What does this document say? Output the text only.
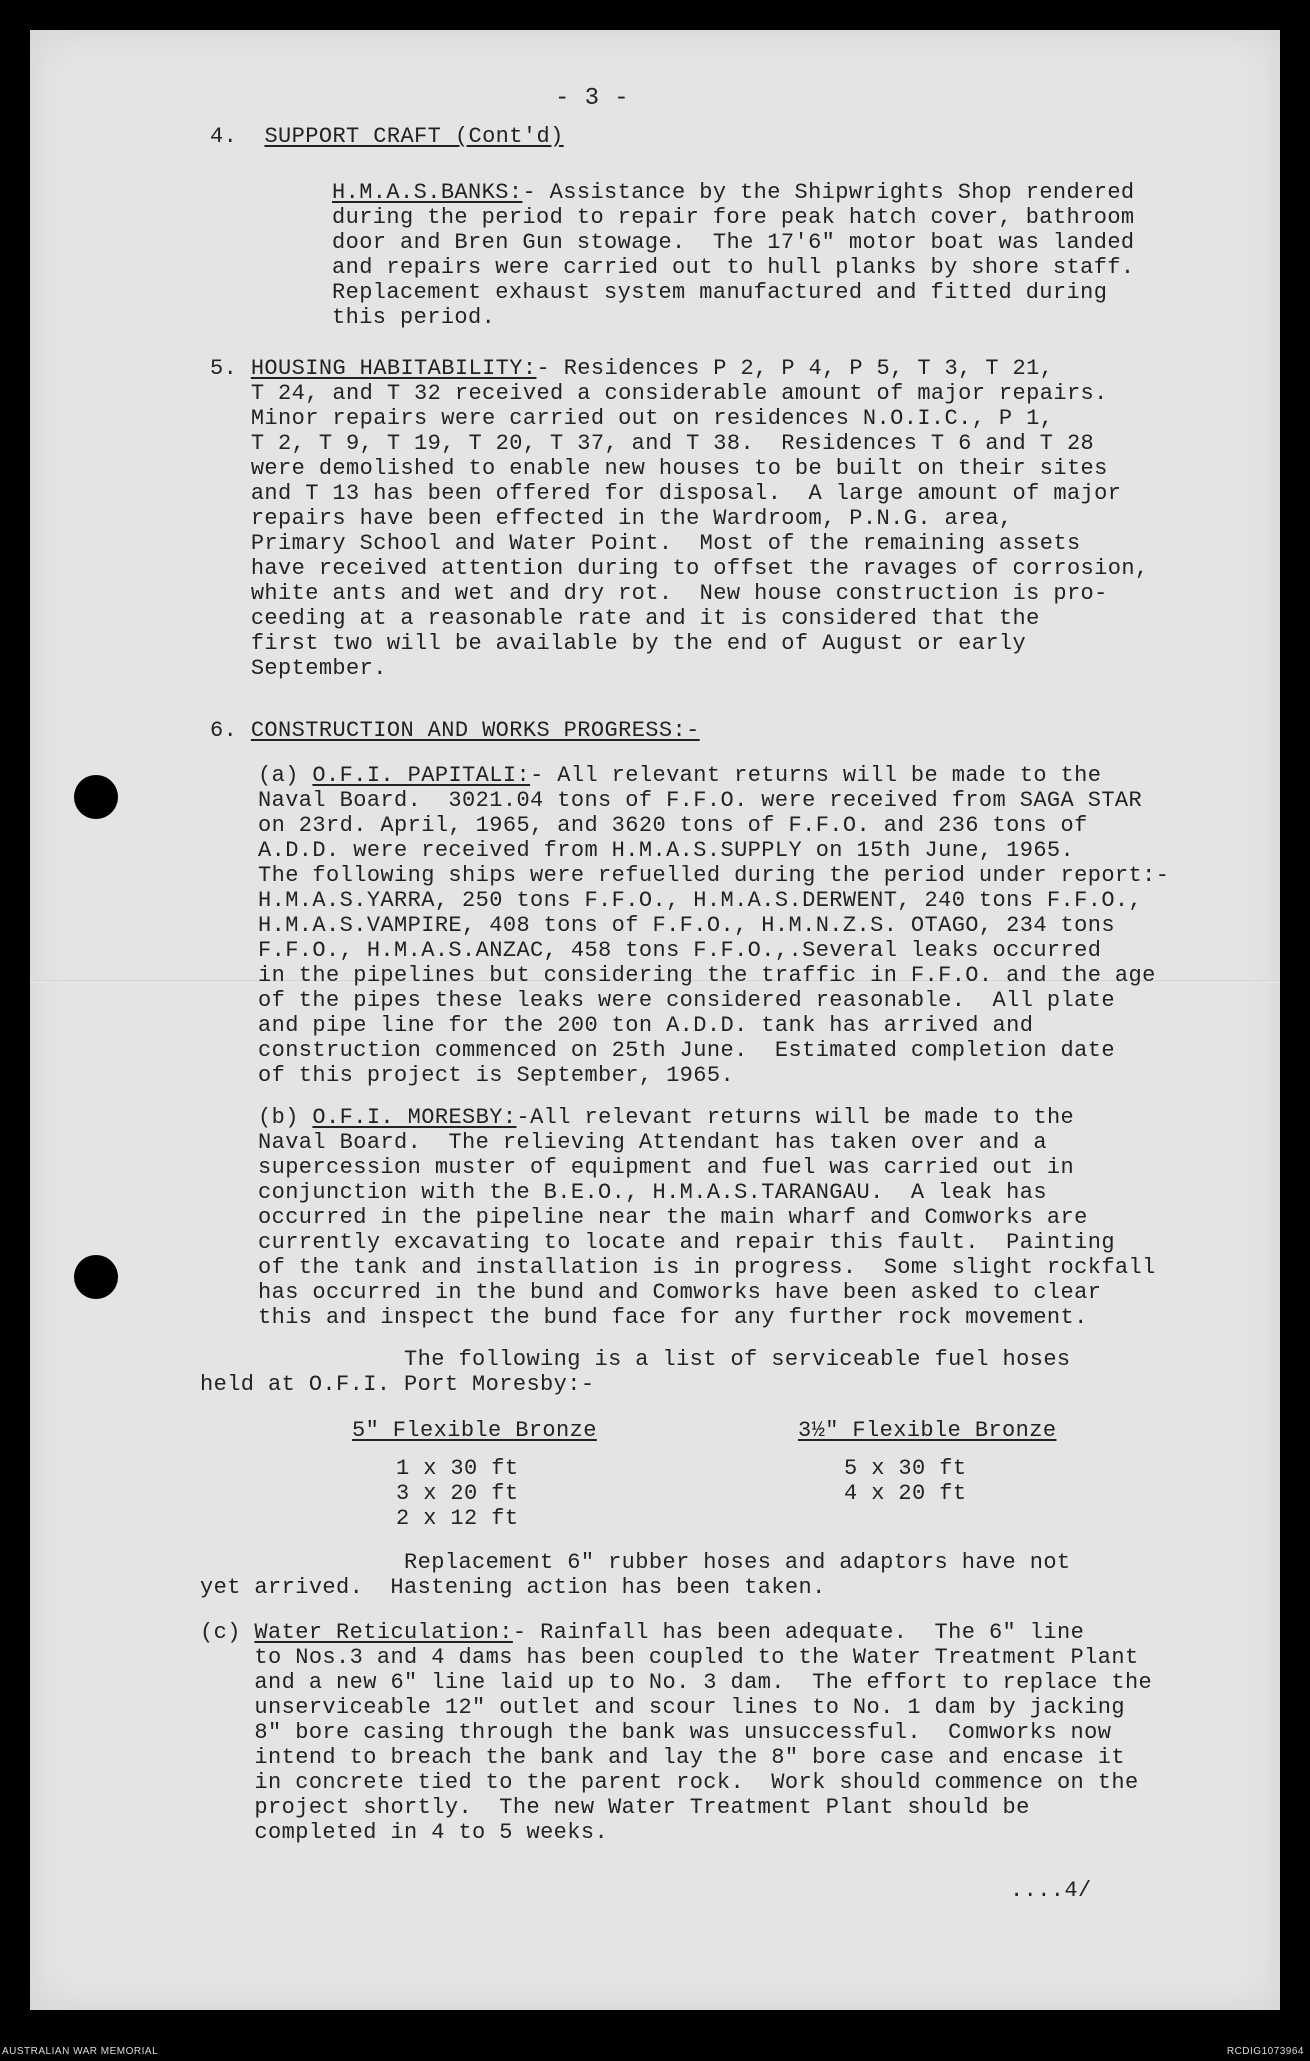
- 3 -
4. SUPPORT CRAFT (Cont'd)
H.M.A.S.BANKS:- Assistance by the Shipwrights Shop rendered
during the period to repair fore peak hatch cover, bathroom
door and Bren Gun stowage.  The 17'6" motor boat was landed
and repairs were carried out to hull planks by shore staff.
Replacement exhaust system manufactured and fitted during
this period.
5. HOUSING HABITABILITY:- Residences P 2, P 4, P 5, T 3, T 21,
T 24, and T 32 received a considerable amount of major repairs.
Minor repairs were carried out on residences N.O.I.C., P 1,
T 2, T 9, T 19, T 20, T 37, and T 38.  Residences T 6 and T 28
were demolished to enable new houses to be built on their sites
and T 13 has been offered for disposal.  A large amount of major
repairs have been effected in the Wardroom, P.N.G. area,
Primary School and Water Point.  Most of the remaining assets
have received attention during to offset the ravages of corrosion,
white ants and wet and dry rot.  New house construction is pro-
ceeding at a reasonable rate and it is considered that the
first two will be available by the end of August or early
September.
6. CONSTRUCTION AND WORKS PROGRESS:-
(a) O.F.I. PAPITALI:- All relevant returns will be made to the
Naval Board.  3021.04 tons of F.F.O. were received from SAGA STAR
on 23rd. April, 1965, and 3620 tons of F.F.O. and 236 tons of
A.D.D. were received from H.M.A.S.SUPPLY on 15th June, 1965.
The following ships were refuelled during the period under report:-
H.M.A.S.YARRA, 250 tons F.F.O., H.M.A.S.DERWENT, 240 tons F.F.O.,
H.M.A.S.VAMPIRE, 408 tons of F.F.O., H.M.N.Z.S. OTAGO, 234 tons
F.F.O., H.M.A.S.ANZAC, 458 tons F.F.O.,.Several leaks occurred
in the pipelines but considering the traffic in F.F.O. and the age
of the pipes these leaks were considered reasonable.  All plate
and pipe line for the 200 ton A.D.D. tank has arrived and
construction commenced on 25th June.  Estimated completion date
of this project is September, 1965.
(b) O.F.I. MORESBY:-All relevant returns will be made to the
Naval Board.  The relieving Attendant has taken over and a
supercession muster of equipment and fuel was carried out in
conjunction with the B.E.O., H.M.A.S.TARANGAU.  A leak has
occurred in the pipeline near the main wharf and Comworks are
currently excavating to locate and repair this fault.  Painting
of the tank and installation is in progress.  Some slight rockfall
has occurred in the bund and Comworks have been asked to clear
this and inspect the bund face for any further rock movement.
The following is a list of serviceable fuel hoses
held at O.F.I. Port Moresby:-
5" Flexible Bronze
1 x 30 ft
3 x 20 ft
2 x 12 ft
3½" Flexible Bronze
5 x 30 ft
4 x 20 ft
Replacement 6" rubber hoses and adaptors have not
yet arrived.  Hastening action has been taken.
(c) Water Reticulation:- Rainfall has been adequate.  The 6" line
to Nos.3 and 4 dams has been coupled to the Water Treatment Plant
and a new 6" line laid up to No. 3 dam.  The effort to replace the
unserviceable 12" outlet and scour lines to No. 1 dam by jacking
8" bore casing through the bank was unsuccessful.  Comworks now
intend to breach the bank and lay the 8" bore case and encase it
in concrete tied to the parent rock.  Work should commence on the
project shortly.  The new Water Treatment Plant should be
completed in 4 to 5 weeks.
....4/
AUSTRALIAN WAR MEMORIAL	RCDIG1073964
